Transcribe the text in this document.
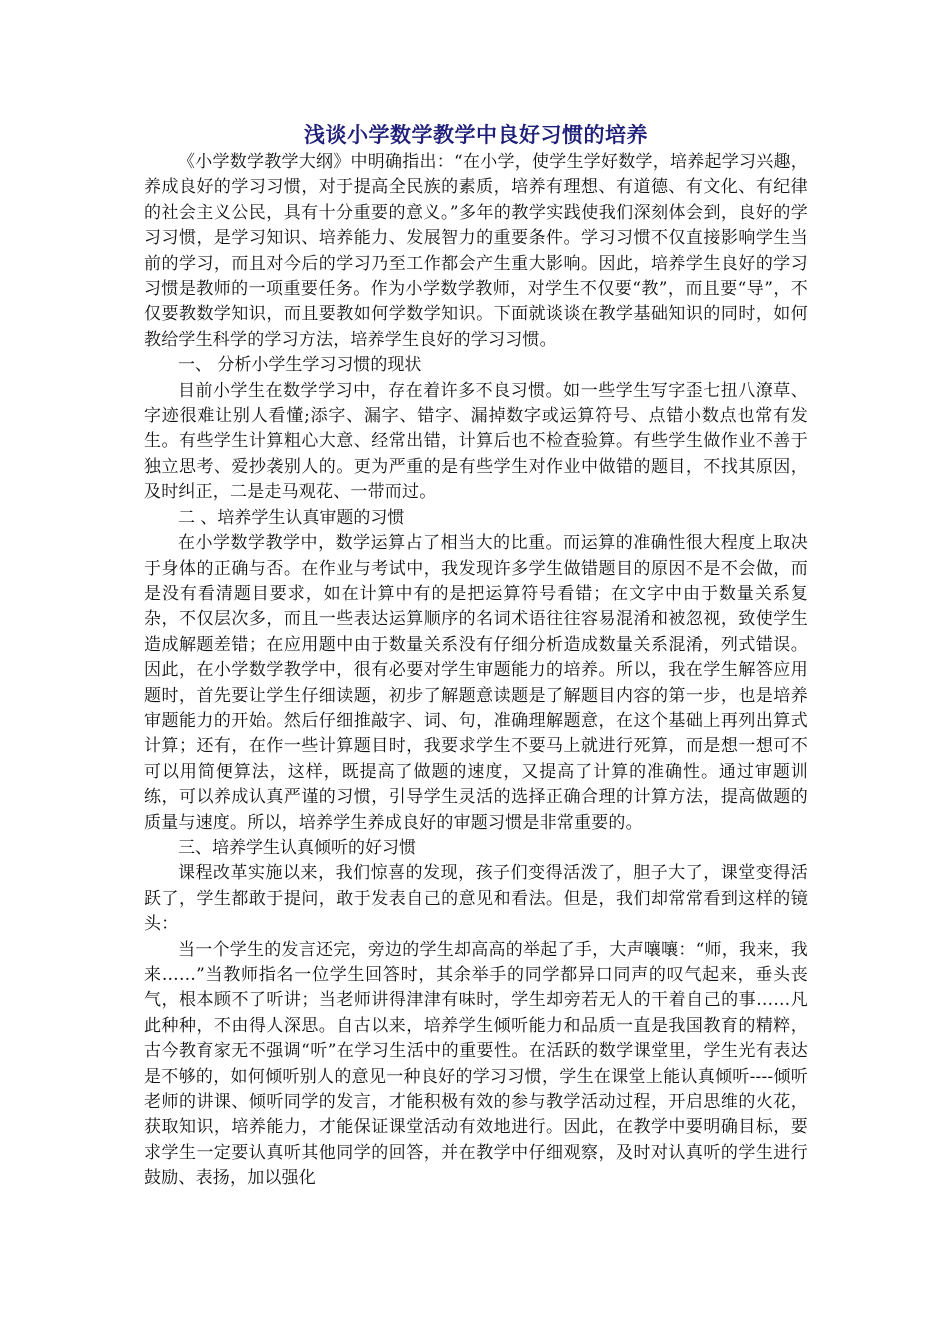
浅谈小学数学教学中良好习惯的培养

《小学数学教学大纲》中明确指出：“在小学，使学生学好数学，培养起学习兴趣，养成良好的学习习惯，对于提高全民族的素质，培养有理想、有道德、有文化、有纪律的社会主义公民，具有十分重要的意义。”多年的教学实践使我们深刻体会到，良好的学习习惯，是学习知识、培养能力、发展智力的重要条件。学习习惯不仅直接影响学生当前的学习，而且对今后的学习乃至工作都会产生重大影响。因此，培养学生良好的学习习惯是教师的一项重要任务。作为小学数学教师，对学生不仅要“教”，而且要“导”，不仅要教数学知识，而且要教如何学数学知识。下面就谈谈在教学基础知识的同时，如何教给学生科学的学习方法，培养学生良好的学习习惯。

一、 分析小学生学习习惯的现状

目前小学生在数学学习中，存在着许多不良习惯。如一些学生写字歪七扭八潦草、字迹很难让别人看懂;添字、漏字、错字、漏掉数字或运算符号、点错小数点也常有发生。有些学生计算粗心大意、经常出错，计算后也不检查验算。有些学生做作业不善于独立思考、爱抄袭别人的。更为严重的是有些学生对作业中做错的题目，不找其原因，及时纠正，二是走马观花、一带而过。

二 、培养学生认真审题的习惯

在小学数学教学中，数学运算占了相当大的比重。而运算的准确性很大程度上取决于身体的正确与否。在作业与考试中，我发现许多学生做错题目的原因不是不会做，而是没有看清题目要求，如在计算中有的是把运算符号看错；在文字中由于数量关系复杂，不仅层次多，而且一些表达运算顺序的名词术语往往容易混淆和被忽视，致使学生造成解题差错；在应用题中由于数量关系没有仔细分析造成数量关系混淆，列式错误。因此，在小学数学教学中，很有必要对学生审题能力的培养。所以，我在学生解答应用题时，首先要让学生仔细读题，初步了解题意读题是了解题目内容的第一步，也是培养审题能力的开始。然后仔细推敲字、词、句，准确理解题意，在这个基础上再列出算式计算；还有，在作一些计算题目时，我要求学生不要马上就进行死算，而是想一想可不可以用简便算法，这样，既提高了做题的速度，又提高了计算的准确性。通过审题训练，可以养成认真严谨的习惯，引导学生灵活的选择正确合理的计算方法，提高做题的质量与速度。所以，培养学生养成良好的审题习惯是非常重要的。

三、培养学生认真倾听的好习惯

课程改革实施以来，我们惊喜的发现，孩子们变得活泼了，胆子大了，课堂变得活跃了，学生都敢于提问，敢于发表自己的意见和看法。但是，我们却常常看到这样的镜头：

当一个学生的发言还完，旁边的学生却高高的举起了手，大声嚷嚷：“师，我来，我来……”当教师指名一位学生回答时，其余举手的同学都异口同声的叹气起来，垂头丧气，根本顾不了听讲；当老师讲得津津有味时，学生却旁若无人的干着自己的事……凡此种种，不由得人深思。自古以来，培养学生倾听能力和品质一直是我国教育的精粹，古今教育家无不强调“听”在学习生活中的重要性。在活跃的数学课堂里，学生光有表达是不够的，如何倾听别人的意见一种良好的学习习惯，学生在课堂上能认真倾听----倾听老师的讲课、倾听同学的发言，才能积极有效的参与教学活动过程，开启思维的火花，获取知识，培养能力，才能保证课堂活动有效地进行。因此，在教学中要明确目标，要求学生一定要认真听其他同学的回答，并在教学中仔细观察，及时对认真听的学生进行鼓励、表扬，加以强化
